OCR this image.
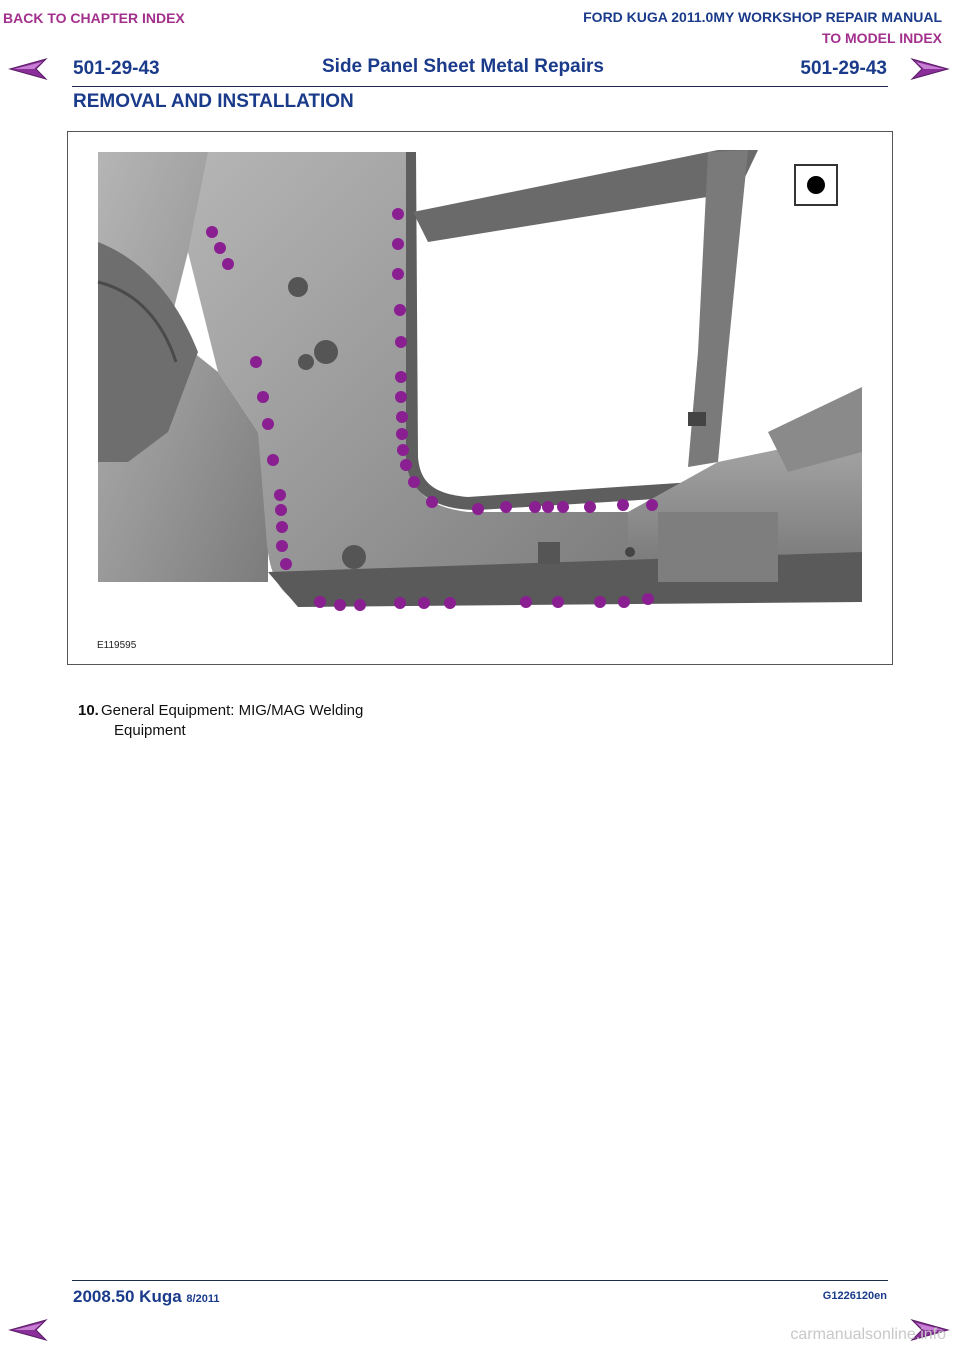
BACK TO CHAPTER INDEX	FORD KUGA 2011.0MY WORKSHOP REPAIR MANUAL
TO MODEL INDEX
501-29-43	Side Panel Sheet Metal Repairs	501-29-43
REMOVAL AND INSTALLATION
E119595
10. General Equipment: MIG/MAG Welding
Equipment
2008.50 Kuga 8/2011	G1226120en
carmanualsonline.info
